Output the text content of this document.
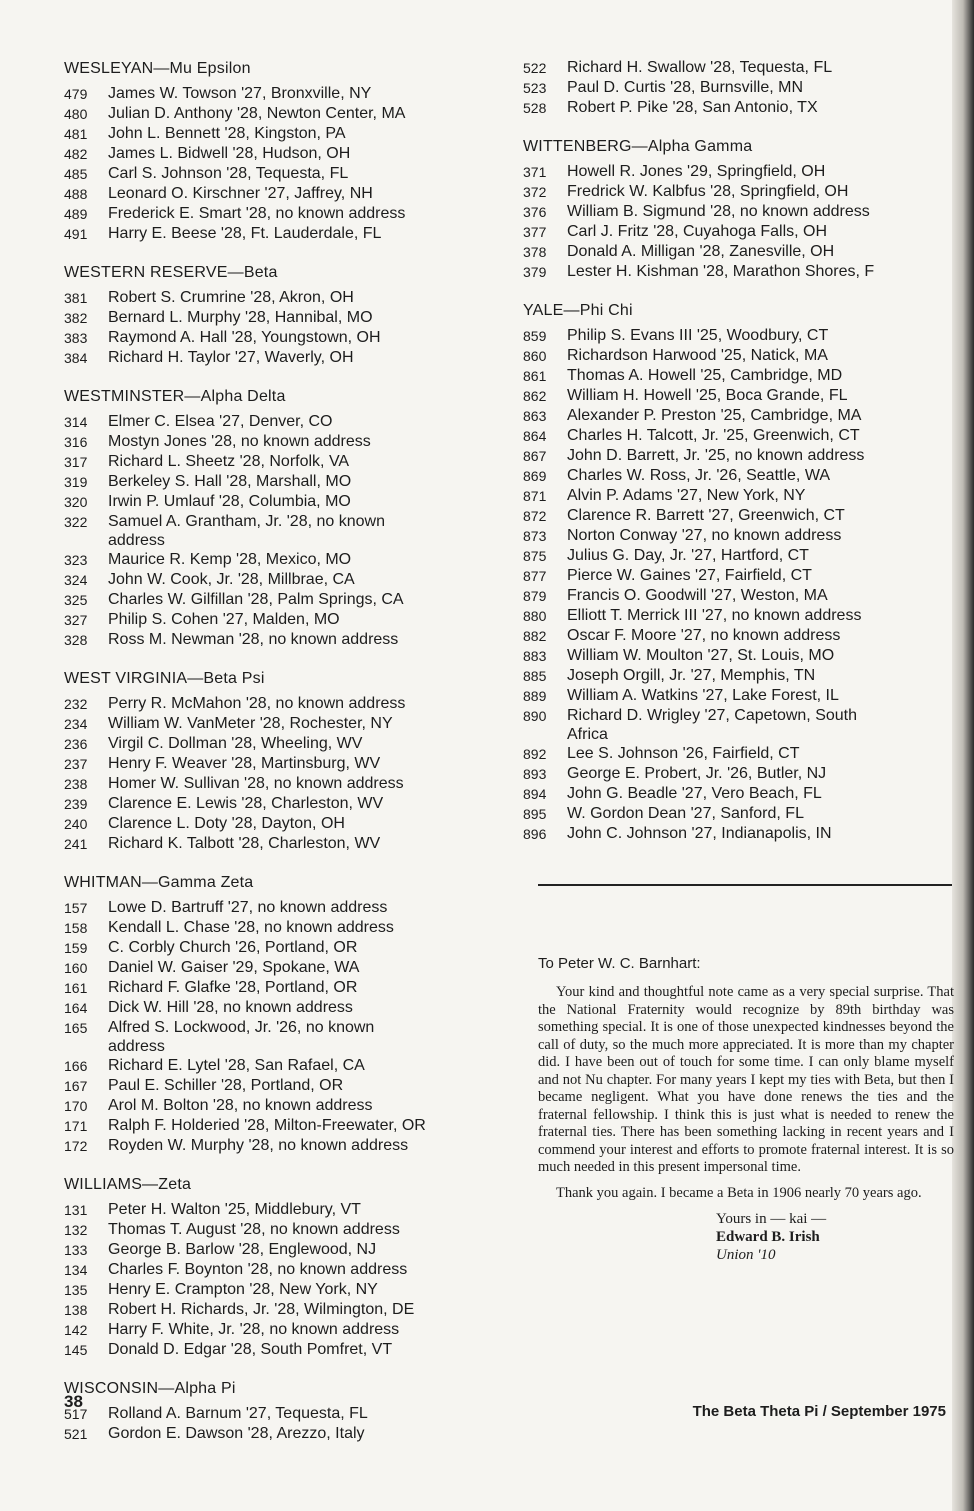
WESLEYAN—Mu Epsilon
479	James W. Towson '27, Bronxville, NY
480	Julian D. Anthony '28, Newton Center, MA
481	John L. Bennett '28, Kingston, PA
482	James L. Bidwell '28, Hudson, OH
485	Carl S. Johnson '28, Tequesta, FL
488	Leonard O. Kirschner '27, Jaffrey, NH
489	Frederick E. Smart '28, no known address
491	Harry E. Beese '28, Ft. Lauderdale, FL
WESTERN RESERVE—Beta
381	Robert S. Crumrine '28, Akron, OH
382	Bernard L. Murphy '28, Hannibal, MO
383	Raymond A. Hall '28, Youngstown, OH
384	Richard H. Taylor '27, Waverly, OH
WESTMINSTER—Alpha Delta
314	Elmer C. Elsea '27, Denver, CO
316	Mostyn Jones '28, no known address
317	Richard L. Sheetz '28, Norfolk, VA
319	Berkeley S. Hall '28, Marshall, MO
320	Irwin P. Umlauf '28, Columbia, MO
322	Samuel A. Grantham, Jr. '28, no known
address
323	Maurice R. Kemp '28, Mexico, MO
324	John W. Cook, Jr. '28, Millbrae, CA
325	Charles W. Gilfillan '28, Palm Springs, CA
327	Philip S. Cohen '27, Malden, MO
328	Ross M. Newman '28, no known address
WEST VIRGINIA—Beta Psi
232	Perry R. McMahon '28, no known address
234	William W. VanMeter '28, Rochester, NY
236	Virgil C. Dollman '28, Wheeling, WV
237	Henry F. Weaver '28, Martinsburg, WV
238	Homer W. Sullivan '28, no known address
239	Clarence E. Lewis '28, Charleston, WV
240	Clarence L. Doty '28, Dayton, OH
241	Richard K. Talbott '28, Charleston, WV
WHITMAN—Gamma Zeta
157	Lowe D. Bartruff '27, no known address
158	Kendall L. Chase '28, no known address
159	C. Corbly Church '26, Portland, OR
160	Daniel W. Gaiser '29, Spokane, WA
161	Richard F. Glafke '28, Portland, OR
164	Dick W. Hill '28, no known address
165	Alfred S. Lockwood, Jr. '26, no known
address
166	Richard E. Lytel '28, San Rafael, CA
167	Paul E. Schiller '28, Portland, OR
170	Arol M. Bolton '28, no known address
171	Ralph F. Holderied '28, Milton-Freewater, OR
172	Royden W. Murphy '28, no known address
WILLIAMS—Zeta
131	Peter H. Walton '25, Middlebury, VT
132	Thomas T. August '28, no known address
133	George B. Barlow '28, Englewood, NJ
134	Charles F. Boynton '28, no known address
135	Henry E. Crampton '28, New York, NY
138	Robert H. Richards, Jr. '28, Wilmington, DE
142	Harry F. White, Jr. '28, no known address
145	Donald D. Edgar '28, South Pomfret, VT
WISCONSIN—Alpha Pi
517	Rolland A. Barnum '27, Tequesta, FL
521	Gordon E. Dawson '28, Arezzo, Italy
522	Richard H. Swallow '28, Tequesta, FL
523	Paul D. Curtis '28, Burnsville, MN
528	Robert P. Pike '28, San Antonio, TX
WITTENBERG—Alpha Gamma
371	Howell R. Jones '29, Springfield, OH
372	Fredrick W. Kalbfus '28, Springfield, OH
376	William B. Sigmund '28, no known address
377	Carl J. Fritz '28, Cuyahoga Falls, OH
378	Donald A. Milligan '28, Zanesville, OH
379	Lester H. Kishman '28, Marathon Shores, F
YALE—Phi Chi
859	Philip S. Evans III '25, Woodbury, CT
860	Richardson Harwood '25, Natick, MA
861	Thomas A. Howell '25, Cambridge, MD
862	William H. Howell '25, Boca Grande, FL
863	Alexander P. Preston '25, Cambridge, MA
864	Charles H. Talcott, Jr. '25, Greenwich, CT
867	John D. Barrett, Jr. '25, no known address
869	Charles W. Ross, Jr. '26, Seattle, WA
871	Alvin P. Adams '27, New York, NY
872	Clarence R. Barrett '27, Greenwich, CT
873	Norton Conway '27, no known address
875	Julius G. Day, Jr. '27, Hartford, CT
877	Pierce W. Gaines '27, Fairfield, CT
879	Francis O. Goodwill '27, Weston, MA
880	Elliott T. Merrick III '27, no known address
882	Oscar F. Moore '27, no known address
883	William W. Moulton '27, St. Louis, MO
885	Joseph Orgill, Jr. '27, Memphis, TN
889	William A. Watkins '27, Lake Forest, IL
890	Richard D. Wrigley '27, Capetown, South
Africa
892	Lee S. Johnson '26, Fairfield, CT
893	George E. Probert, Jr. '26, Butler, NJ
894	John G. Beadle '27, Vero Beach, FL
895	W. Gordon Dean '27, Sanford, FL
896	John C. Johnson '27, Indianapolis, IN
To Peter W. C. Barnhart:

Your kind and thoughtful note came as a very special surprise. That the National Fraternity would recognize by 89th birthday was something special. It is one of those unexpected kindnesses beyond the call of duty, so the much more appreciated. It is more than my chapter did. I have been out of touch for some time. I can only blame myself and not Nu chapter. For many years I kept my ties with Beta, but then I became negligent. What you have done renews the ties and the fraternal fellowship. I think this is just what is needed to renew the fraternal ties. There has been something lacking in recent years and I commend your interest and efforts to promote fraternal interest. It is so much needed in this present impersonal time.

Thank you again. I became a Beta in 1906 nearly 70 years ago.

Yours in — kai —
Edward B. Irish
Union '10
38
The Beta Theta Pi / September 1975
